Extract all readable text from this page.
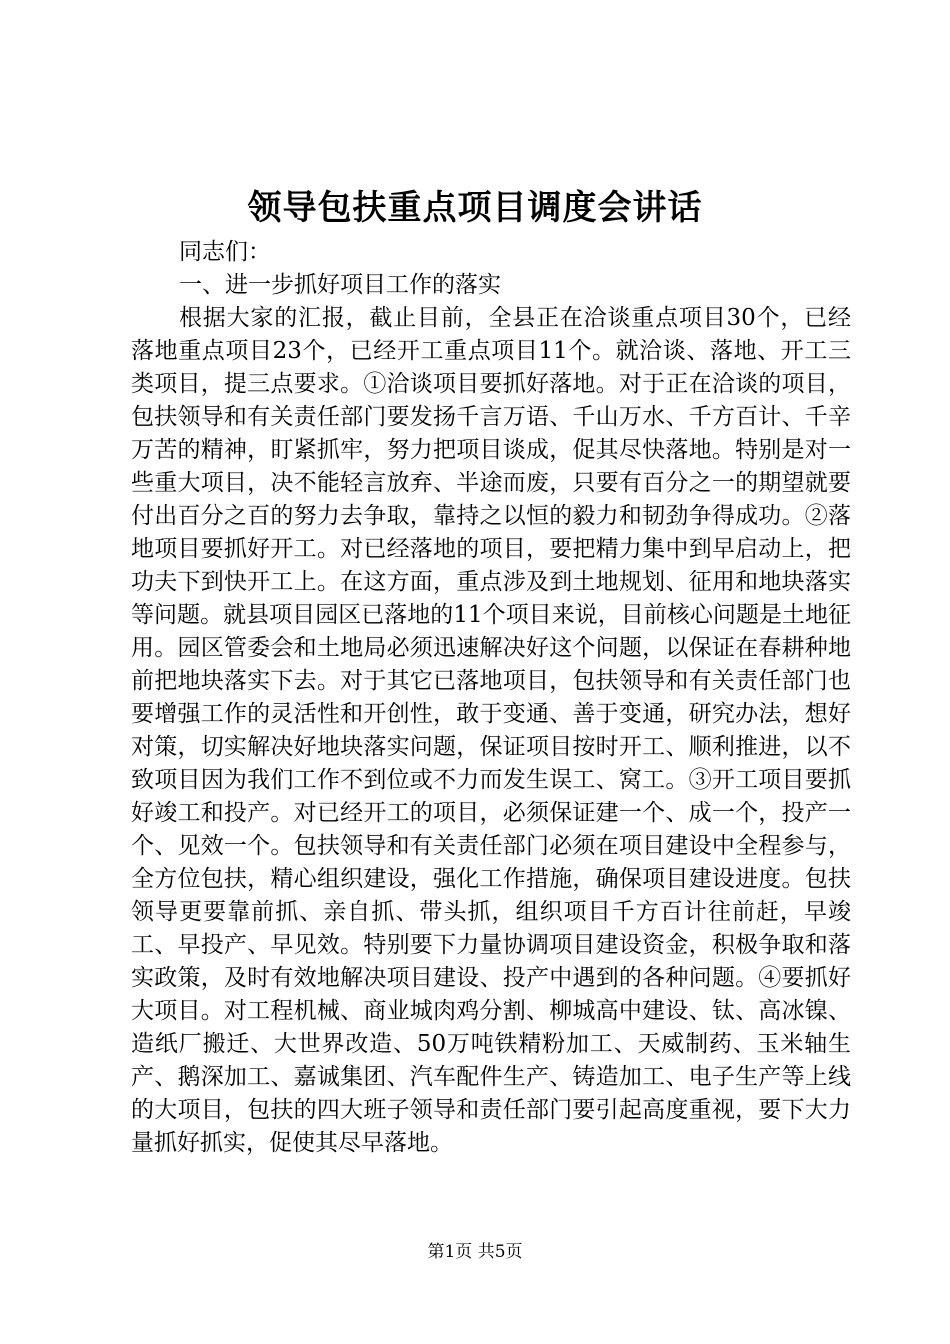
领导包扶重点项目调度会讲话

同志们：

一、进一步抓好项目工作的落实

根据大家的汇报，截止目前，全县正在洽谈重点项目30个，已经落地重点项目23个，已经开工重点项目11个。就洽谈、落地、开工三类项目，提三点要求。①洽谈项目要抓好落地。对于正在洽谈的项目，包扶领导和有关责任部门要发扬千言万语、千山万水、千方百计、千辛万苦的精神，盯紧抓牢，努力把项目谈成，促其尽快落地。特别是对一些重大项目，决不能轻言放弃、半途而废，只要有百分之一的期望就要付出百分之百的努力去争取，靠持之以恒的毅力和韧劲争得成功。②落地项目要抓好开工。对已经落地的项目，要把精力集中到早启动上，把功夫下到快开工上。在这方面，重点涉及到土地规划、征用和地块落实等问题。就县项目园区已落地的11个项目来说，目前核心问题是土地征用。园区管委会和土地局必须迅速解决好这个问题，以保证在春耕种地前把地块落实下去。对于其它已落地项目，包扶领导和有关责任部门也要增强工作的灵活性和开创性，敢于变通、善于变通，研究办法，想好对策，切实解决好地块落实问题，保证项目按时开工、顺利推进，以不致项目因为我们工作不到位或不力而发生误工、窝工。③开工项目要抓好竣工和投产。对已经开工的项目，必须保证建一个、成一个，投产一个、见效一个。包扶领导和有关责任部门必须在项目建设中全程参与，全方位包扶，精心组织建设，强化工作措施，确保项目建设进度。包扶领导更要靠前抓、亲自抓、带头抓，组织项目千方百计往前赶，早竣工、早投产、早见效。特别要下力量协调项目建设资金，积极争取和落实政策，及时有效地解决项目建设、投产中遇到的各种问题。④要抓好大项目。对工程机械、商业城肉鸡分割、柳城高中建设、钛、高冰镍、造纸厂搬迁、大世界改造、50万吨铁精粉加工、天威制药、玉米轴生产、鹅深加工、嘉诚集团、汽车配件生产、铸造加工、电子生产等上线的大项目，包扶的四大班子领导和责任部门要引起高度重视，要下大力量抓好抓实，促使其尽早落地。

第1页 共5页
